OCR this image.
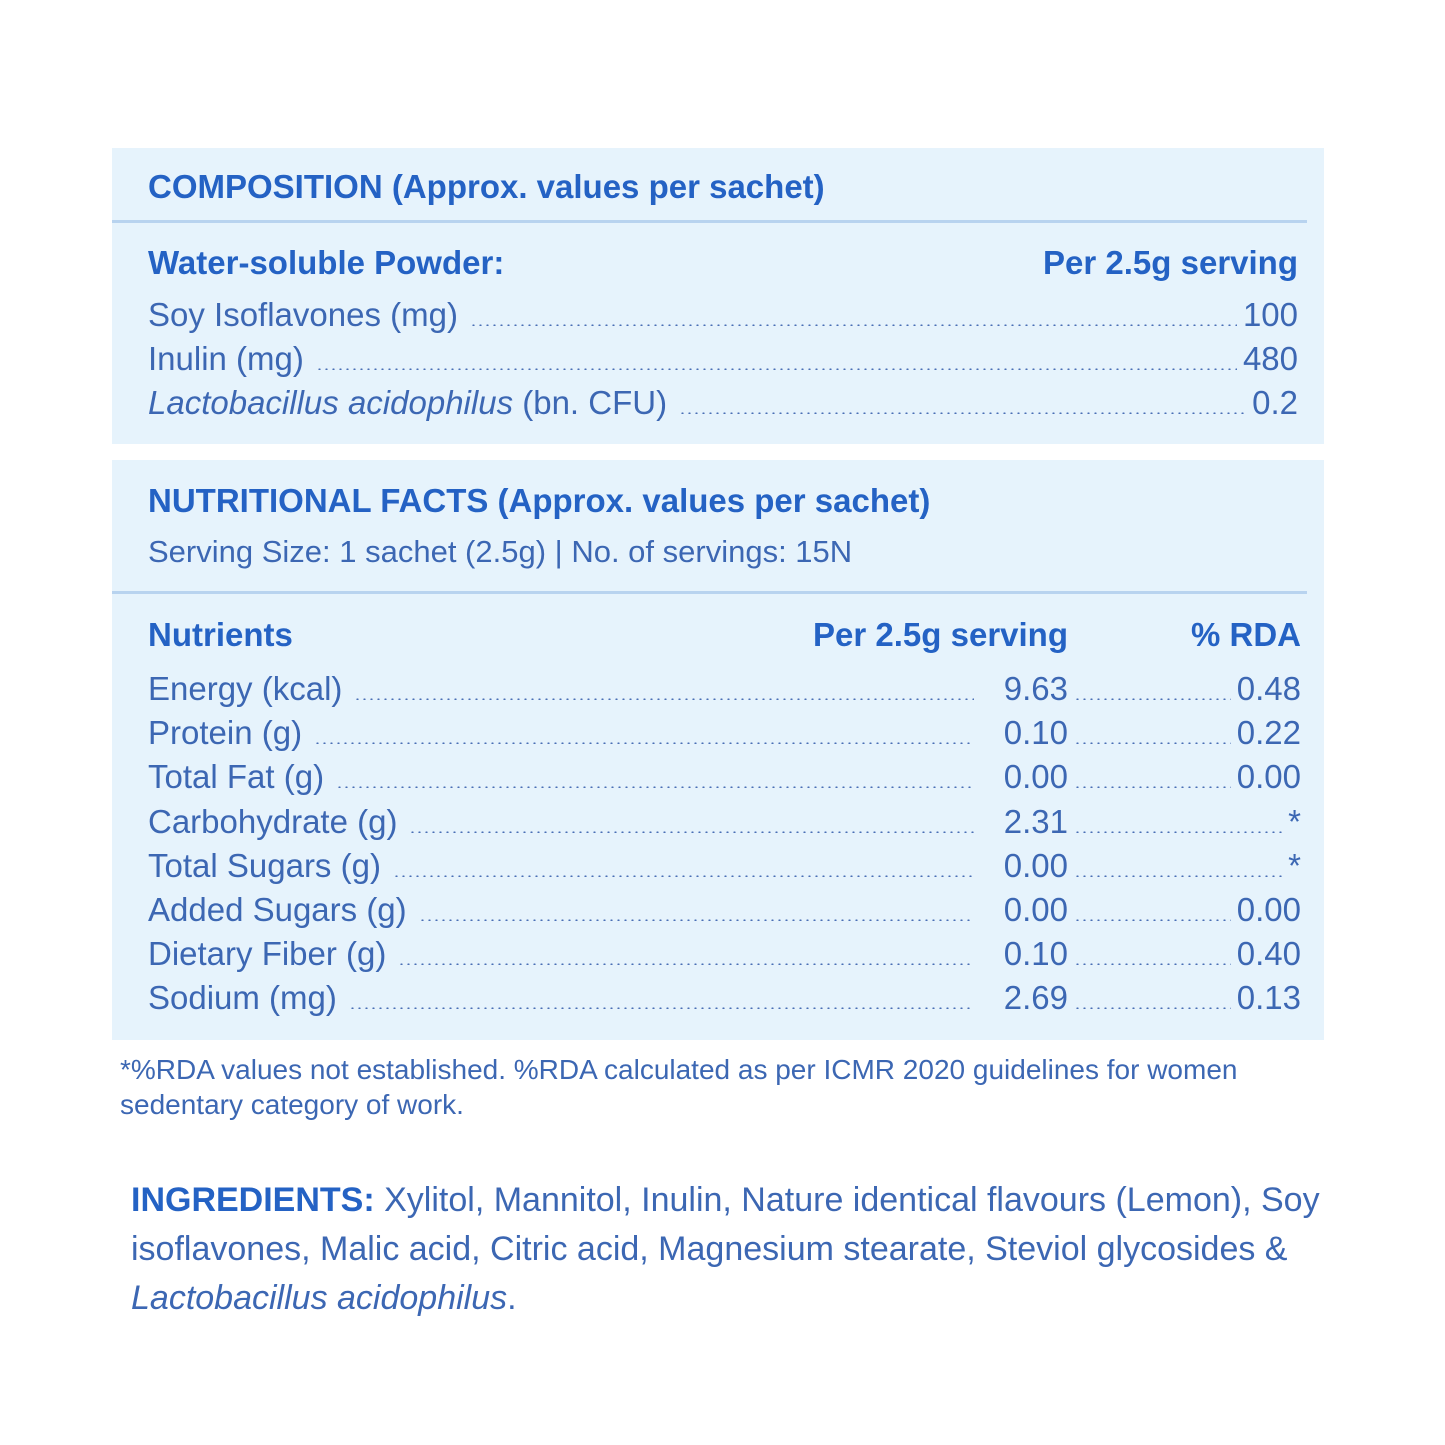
COMPOSITION (Approx. values per sachet)
Water-soluble Powder:	Per 2.5g serving
Soy Isoflavones (mg)	100
Inulin (mg)	480
Lactobacillus acidophilus (bn. CFU)	0.2
NUTRITIONAL FACTS (Approx. values per sachet)
Serving Size: 1 sachet (2.5g) | No. of servings: 15N
Nutrients	Per 2.5g serving	% RDA
Energy (kcal)	9.63	0.48
Protein (g)	0.10	0.22
Total Fat (g)	0.00	0.00
Carbohydrate (g)	2.31	*
Total Sugars (g)	0.00	*
Added Sugars (g)	0.00	0.00
Dietary Fiber (g)	0.10	0.40
Sodium (mg)	2.69	0.13
*%RDA values not established. %RDA calculated as per ICMR 2020 guidelines for women sedentary category of work.
INGREDIENTS: Xylitol, Mannitol, Inulin, Nature identical flavours (Lemon), Soy isoflavones, Malic acid, Citric acid, Magnesium stearate, Steviol glycosides & Lactobacillus acidophilus.
